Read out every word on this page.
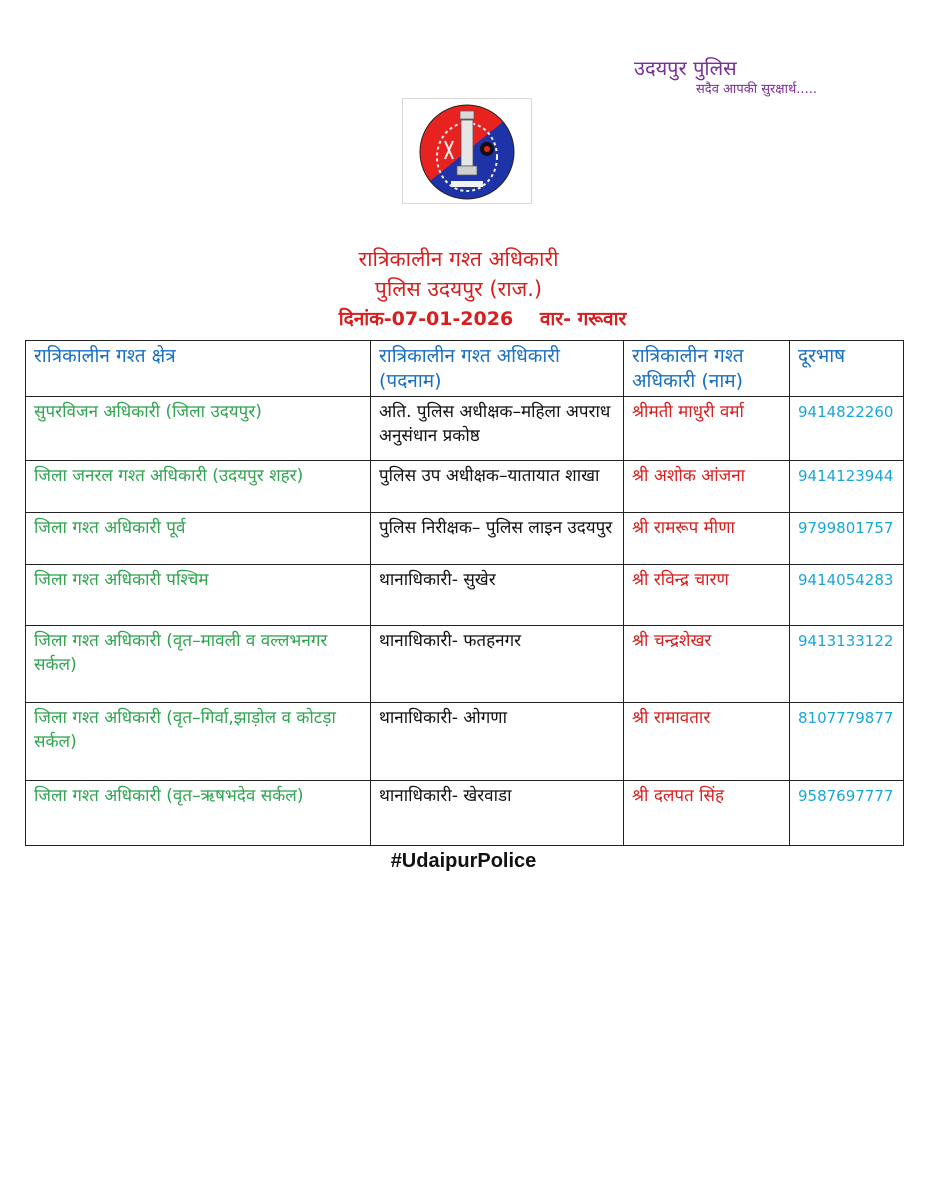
उदयपुर पुलिस
सदैव आपकी सुरक्षार्थ.....
रात्रिकालीन गश्त अधिकारी
पुलिस उदयपुर (राज.)
दिनांक-07-01-2026 वार- गरूवार
रात्रिकालीन गश्त क्षेत्र	रात्रिकालीन गश्त अधिकारी (पदनाम)	रात्रिकालीन गश्त अधिकारी (नाम)	दूरभाष
सुपरविजन अधिकारी (जिला उदयपुर)	अति. पुलिस अधीक्षक–महिला अपराध अनुसंधान प्रकोष्ठ	श्रीमती माधुरी वर्मा	9414822260
जिला जनरल गश्त अधिकारी (उदयपुर शहर)	पुलिस उप अधीक्षक–यातायात शाखा	श्री अशोक आंजना	9414123944
जिला गश्त अधिकारी पूर्व	पुलिस निरीक्षक– पुलिस लाइन उदयपुर	श्री रामरूप मीणा	9799801757
जिला गश्त अधिकारी पश्चिम	थानाधिकारी- सुखेर	श्री रविन्द्र चारण	9414054283
जिला गश्त अधिकारी (वृत–मावली व वल्लभनगर सर्कल)	थानाधिकारी- फतहनगर	श्री चन्द्रशेखर	9413133122
जिला गश्त अधिकारी (वृत–गिर्वा,झाड़ोल व कोटड़ा सर्कल)	थानाधिकारी- ओगणा	श्री रामावतार	8107779877
जिला गश्त अधिकारी (वृत–ऋषभदेव सर्कल)	थानाधिकारी- खेरवाडा	श्री दलपत सिंह	9587697777
#UdaipurPolice
